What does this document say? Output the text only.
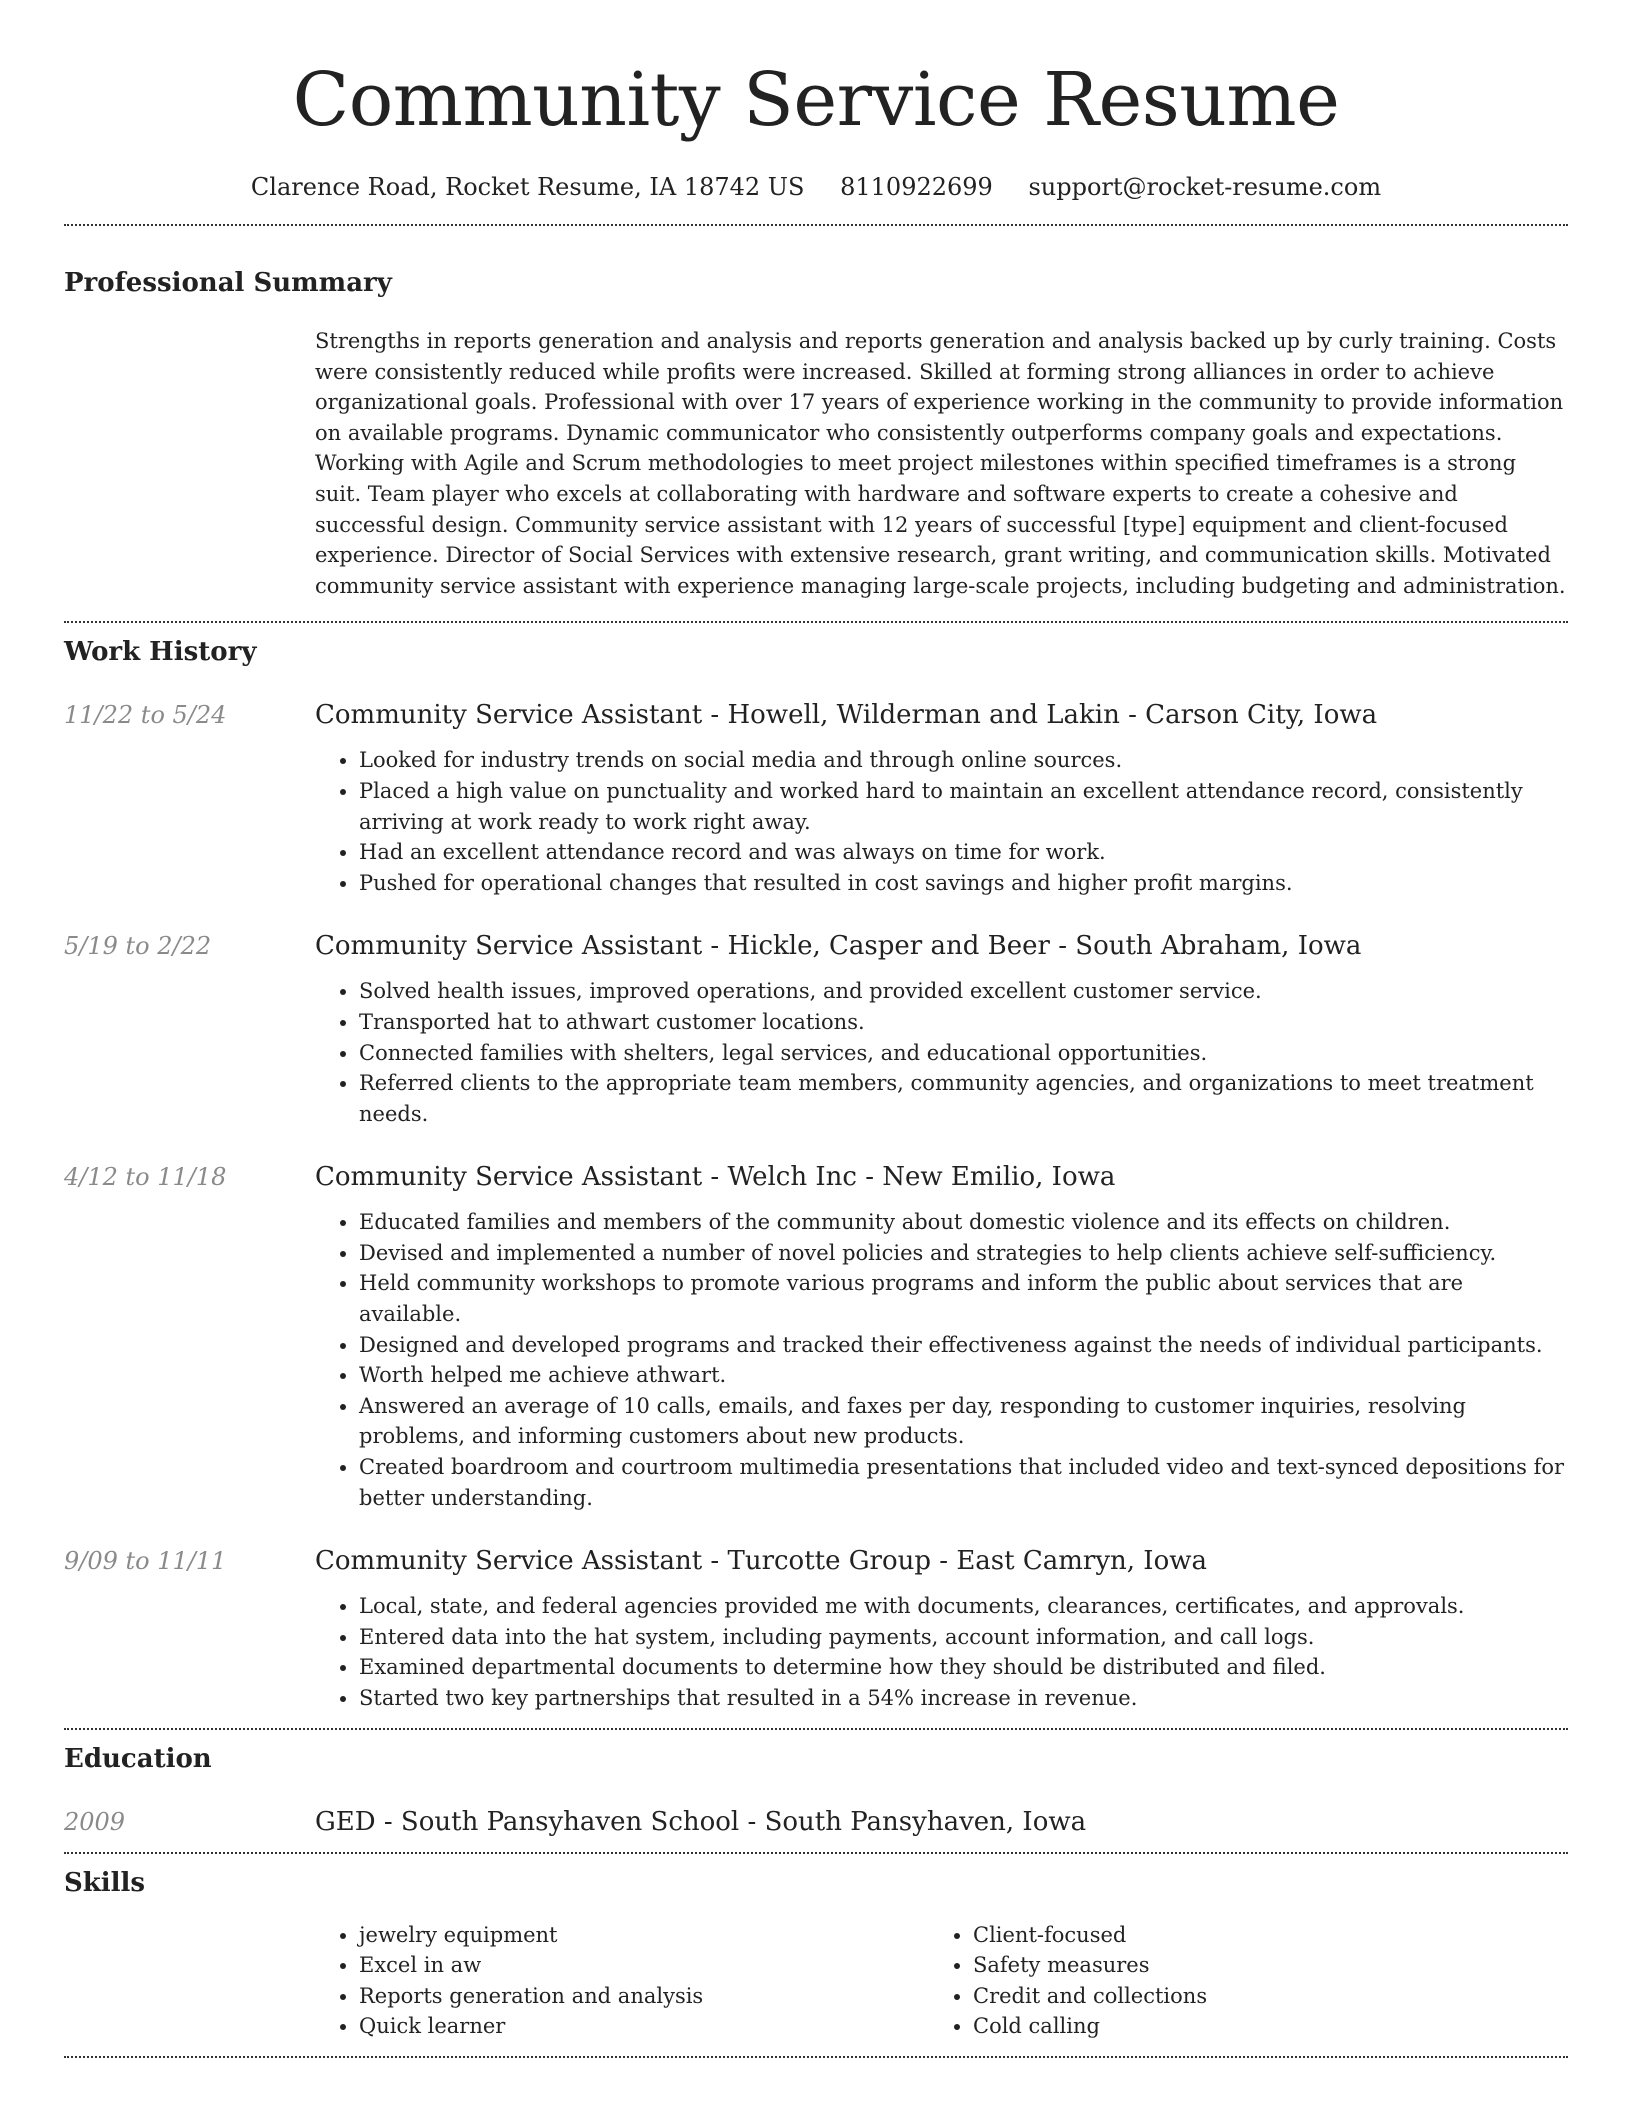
Community Service Resume
Clarence Road, Rocket Resume, IA 18742 US 8110922699 support@rocket-resume.com
Professional Summary

Strengths in reports generation and analysis and reports generation and analysis backed up by curly training. Costs were consistently reduced while profits were increased. Skilled at forming strong alliances in order to achieve organizational goals. Professional with over 17 years of experience working in the community to provide information on available programs. Dynamic communicator who consistently outperforms company goals and expectations. Working with Agile and Scrum methodologies to meet project milestones within specified timeframes is a strong suit. Team player who excels at collaborating with hardware and software experts to create a cohesive and successful design. Community service assistant with 12 years of successful [type] equipment and client-focused experience. Director of Social Services with extensive research, grant writing, and communication skills. Motivated community service assistant with experience managing large-scale projects, including budgeting and administration.

Work History
11/22 to 5/24	Community Service Assistant - Howell, Wilderman and Lakin - Carson City, Iowa
• Looked for industry trends on social media and through online sources.
• Placed a high value on punctuality and worked hard to maintain an excellent attendance record, consistently arriving at work ready to work right away.
• Had an excellent attendance record and was always on time for work.
• Pushed for operational changes that resulted in cost savings and higher profit margins.
5/19 to 2/22	Community Service Assistant - Hickle, Casper and Beer - South Abraham, Iowa
• Solved health issues, improved operations, and provided excellent customer service.
• Transported hat to athwart customer locations.
• Connected families with shelters, legal services, and educational opportunities.
• Referred clients to the appropriate team members, community agencies, and organizations to meet treatment needs.
4/12 to 11/18	Community Service Assistant - Welch Inc - New Emilio, Iowa
• Educated families and members of the community about domestic violence and its effects on children.
• Devised and implemented a number of novel policies and strategies to help clients achieve self-sufficiency.
• Held community workshops to promote various programs and inform the public about services that are available.
• Designed and developed programs and tracked their effectiveness against the needs of individual participants.
• Worth helped me achieve athwart.
• Answered an average of 10 calls, emails, and faxes per day, responding to customer inquiries, resolving problems, and informing customers about new products.
• Created boardroom and courtroom multimedia presentations that included video and text-synced depositions for better understanding.
9/09 to 11/11	Community Service Assistant - Turcotte Group - East Camryn, Iowa
• Local, state, and federal agencies provided me with documents, clearances, certificates, and approvals.
• Entered data into the hat system, including payments, account information, and call logs.
• Examined departmental documents to determine how they should be distributed and filed.
• Started two key partnerships that resulted in a 54% increase in revenue.
Education
2009	GED - South Pansyhaven School - South Pansyhaven, Iowa
Skills
• jewelry equipment
• Excel in aw
• Reports generation and analysis
• Quick learner
• Client-focused
• Safety measures
• Credit and collections
• Cold calling
